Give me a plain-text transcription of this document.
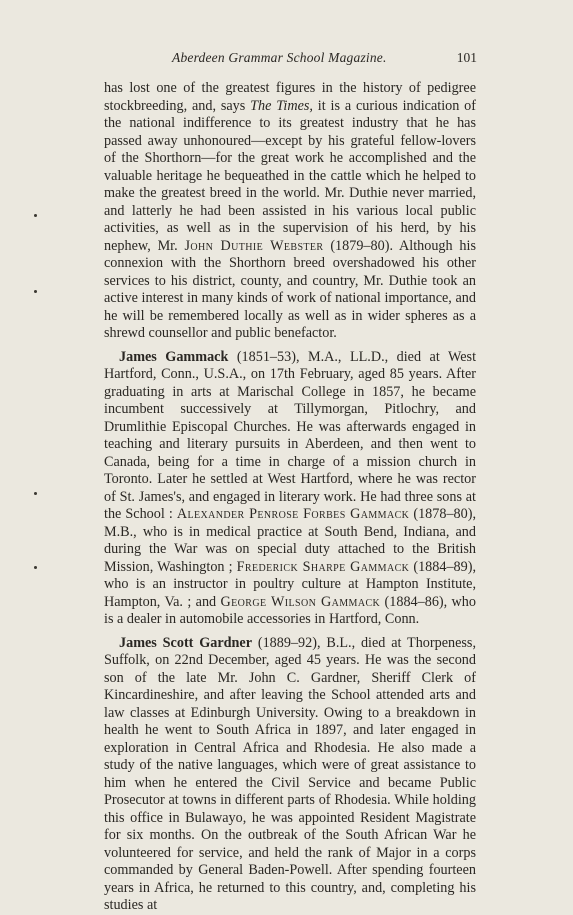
Aberdeen Grammar School Magazine.	101

has lost one of the greatest figures in the history of pedigree stockbreeding, and, says The Times, it is a curious indication of the national indifference to its greatest industry that he has passed away unhonoured—except by his grateful fellow-lovers of the Shorthorn—for the great work he accomplished and the valuable heritage he bequeathed in the cattle which he helped to make the greatest breed in the world. Mr. Duthie never married, and latterly he had been assisted in his various local public activities, as well as in the supervision of his herd, by his nephew, Mr. John Duthie Webster (1879–80). Although his connexion with the Shorthorn breed overshadowed his other services to his district, county, and country, Mr. Duthie took an active interest in many kinds of work of national importance, and he will be remembered locally as well as in wider spheres as a shrewd counsellor and public benefactor.

James Gammack (1851–53), M.A., LL.D., died at West Hartford, Conn., U.S.A., on 17th February, aged 85 years. After graduating in arts at Marischal College in 1857, he became incumbent successively at Tillymorgan, Pitlochry, and Drumlithie Episcopal Churches. He was afterwards engaged in teaching and literary pursuits in Aberdeen, and then went to Canada, being for a time in charge of a mission church in Toronto. Later he settled at West Hartford, where he was rector of St. James's, and engaged in literary work. He had three sons at the School : Alexander Penrose Forbes Gammack (1878–80), M.B., who is in medical practice at South Bend, Indiana, and during the War was on special duty attached to the British Mission, Washington ; Frederick Sharpe Gammack (1884–89), who is an instructor in poultry culture at Hampton Institute, Hampton, Va. ; and George Wilson Gammack (1884–86), who is a dealer in automobile accessories in Hartford, Conn.

James Scott Gardner (1889–92), B.L., died at Thorpeness, Suffolk, on 22nd December, aged 45 years. He was the second son of the late Mr. John C. Gardner, Sheriff Clerk of Kincardineshire, and after leaving the School attended arts and law classes at Edinburgh University. Owing to a breakdown in health he went to South Africa in 1897, and later engaged in exploration in Central Africa and Rhodesia. He also made a study of the native languages, which were of great assistance to him when he entered the Civil Service and became Public Prosecutor at towns in different parts of Rhodesia. While holding this office in Bulawayo, he was appointed Resident Magistrate for six months. On the outbreak of the South African War he volunteered for service, and held the rank of Major in a corps commanded by General Baden-Powell. After spending fourteen years in Africa, he returned to this country, and, completing his studies at
